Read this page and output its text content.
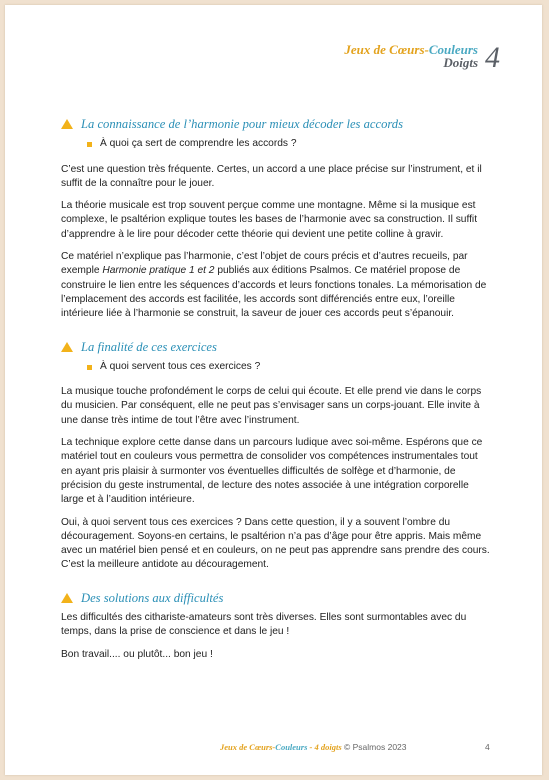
Jeux de Cœurs-Couleurs
Doigts 4
La connaissance de l’harmonie pour mieux décoder les accords
À quoi ça sert de comprendre les accords ?

C’est une question très fréquente. Certes, un accord a une place précise sur l’instrument, et il suffit de la connaître pour le jouer.

La théorie musicale est trop souvent perçue comme une montagne. Même si la musique est complexe, le psaltérion explique toutes les bases de l’harmonie avec sa construction. Il suffit d’apprendre à le lire pour décoder cette théorie qui devient une petite colline à gravir.

Ce matériel n’explique pas l’harmonie, c’est l’objet de cours précis et d’autres recueils, par exemple Harmonie pratique 1 et 2 publiés aux éditions Psalmos. Ce matériel propose de construire le lien entre les séquences d’accords et leurs fonctions tonales. La mémorisation de l’emplacement des accords est facilitée, les accords sont différenciés entre eux, l’oreille intérieure liée à l’harmonie se construit, la saveur de jouer ces accords peut s’épanouir.

La finalité de ces exercices
À quoi servent tous ces exercices ?

La musique touche profondément le corps de celui qui écoute. Et elle prend vie dans le corps du musicien. Par conséquent, elle ne peut pas s’envisager sans un corps-jouant. Elle invite à une danse très intime de tout l’être avec l’instrument.

La technique explore cette danse dans un parcours ludique avec soi-même. Espérons que ce matériel tout en couleurs vous permettra de consolider vos compétences instrumentales tout en ayant pris plaisir à surmonter vos éventuelles difficultés de solfège et d’harmonie, de précision du geste instrumental, de lecture des notes associée à une intégration corporelle large et à l’audition intérieure.

Oui, à quoi servent tous ces exercices ? Dans cette question, il y a souvent l’ombre du découragement. Soyons-en certains, le psaltérion n’a pas d’âge pour être appris. Mais même avec un matériel bien pensé et en couleurs, on ne peut pas apprendre sans prendre des cours. C’est la meilleure antidote au découragement.

Des solutions aux difficultés

Les difficultés des cithariste-amateurs sont très diverses. Elles sont surmontables avec du temps, dans la prise de conscience et dans le jeu !

Bon travail.... ou plutôt... bon jeu !

Jeux de Cœurs-Couleurs - 4 doigts © Psalmos 2023	4
